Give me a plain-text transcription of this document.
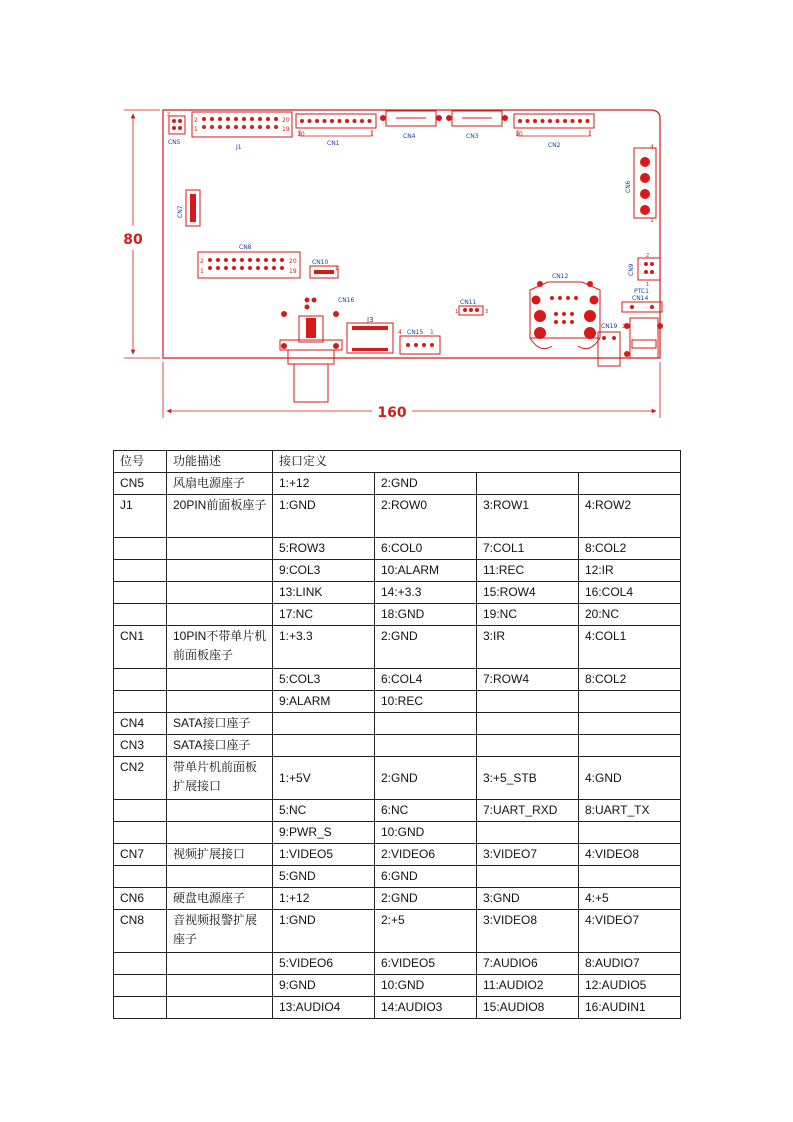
80
160
2
CN5
2
1
20
19
J1
10	1
CN1
CN4	CN3	10	1
CN2	4
1
CN6
CN7
2
1
20
19
CN8
CN10
1
CN16
J3
4 CN15 1
CN11
1	3
CN12
2
1
CN9
PTC1
CN14
CN19 2
位号	功能描述	接口定义			
CN5	风扇电源座子	1:+12	2:GND		
J1	20PIN前面板座子	1:GND	2:ROW0	3:ROW1	4:ROW2
		5:ROW3	6:COL0	7:COL1	8:COL2
		9:COL3	10:ALARM	11:REC	12:IR
		13:LINK	14:+3.3	15:ROW4	16:COL4
		17:NC	18:GND	19:NC	20:NC
CN1	10PIN不带单片机前面板座子	1:+3.3	2:GND	3:IR	4:COL1
		5:COL3	6:COL4	7:ROW4	8:COL2
		9:ALARM	10:REC		
CN4	SATA接口座子				
CN3	SATA接口座子				
CN2	带单片机前面板扩展接口	1:+5V	2:GND	3:+5_STB	4:GND
		5:NC	6:NC	7:UART_RXD	8:UART_TX
		9:PWR_S	10:GND		
CN7	视频扩展接口	1:VIDEO5	2:VIDEO6	3:VIDEO7	4:VIDEO8
		5:GND	6:GND		
CN6	硬盘电源座子	1:+12	2:GND	3:GND	4:+5
CN8	音视频报警扩展座子	1:GND	2:+5	3:VIDEO8	4:VIDEO7
		5:VIDEO6	6:VIDEO5	7:AUDIO6	8:AUDIO7
		9:GND	10:GND	11:AUDIO2	12:AUDIO5
		13:AUDIO4	14:AUDIO3	15:AUDIO8	16:AUDIN1
